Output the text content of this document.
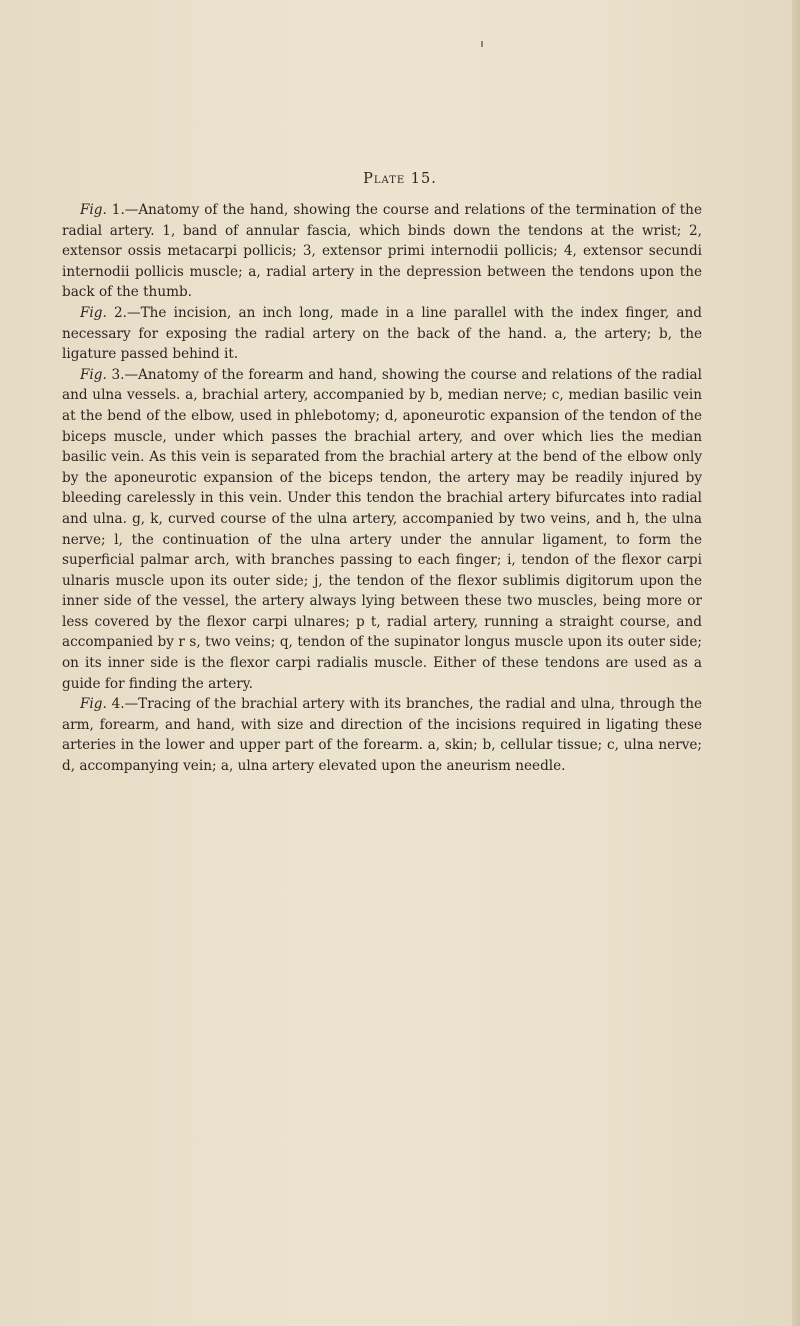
Plate 15.

Fig. 1.—Anatomy of the hand, showing the course and relations of the termination of the radial artery. 1, band of annular fascia, which binds down the tendons at the wrist; 2, extensor ossis metacarpi pollicis; 3, extensor primi internodii pollicis; 4, extensor secundi internodii pollicis muscle; a, radial artery in the depression between the tendons upon the back of the thumb.

Fig. 2.—The incision, an inch long, made in a line parallel with the index finger, and necessary for exposing the radial artery on the back of the hand. a, the artery; b, the ligature passed behind it.

Fig. 3.—Anatomy of the forearm and hand, showing the course and relations of the radial and ulna vessels. a, brachial artery, accompanied by b, median nerve; c, median basilic vein at the bend of the elbow, used in phlebotomy; d, aponeurotic expansion of the tendon of the biceps muscle, under which passes the brachial artery, and over which lies the median basilic vein. As this vein is separated from the brachial artery at the bend of the elbow only by the aponeurotic expansion of the biceps tendon, the artery may be readily injured by bleeding carelessly in this vein. Under this tendon the brachial artery bifurcates into radial and ulna. g, k, curved course of the ulna artery, accompanied by two veins, and h, the ulna nerve; l, the continuation of the ulna artery under the annular ligament, to form the superficial palmar arch, with branches passing to each finger; i, tendon of the flexor carpi ulnaris muscle upon its outer side; j, the tendon of the flexor sublimis digitorum upon the inner side of the vessel, the artery always lying between these two muscles, being more or less covered by the flexor carpi ulnares; p t, radial artery, running a straight course, and accompanied by r s, two veins; q, tendon of the supinator longus muscle upon its outer side; on its inner side is the flexor carpi radialis muscle. Either of these tendons are used as a guide for finding the artery.

Fig. 4.—Tracing of the brachial artery with its branches, the radial and ulna, through the arm, forearm, and hand, with size and direction of the incisions required in ligating these arteries in the lower and upper part of the forearm. a, skin; b, cellular tissue; c, ulna nerve; d, accompanying vein; a, ulna artery elevated upon the aneurism needle.
